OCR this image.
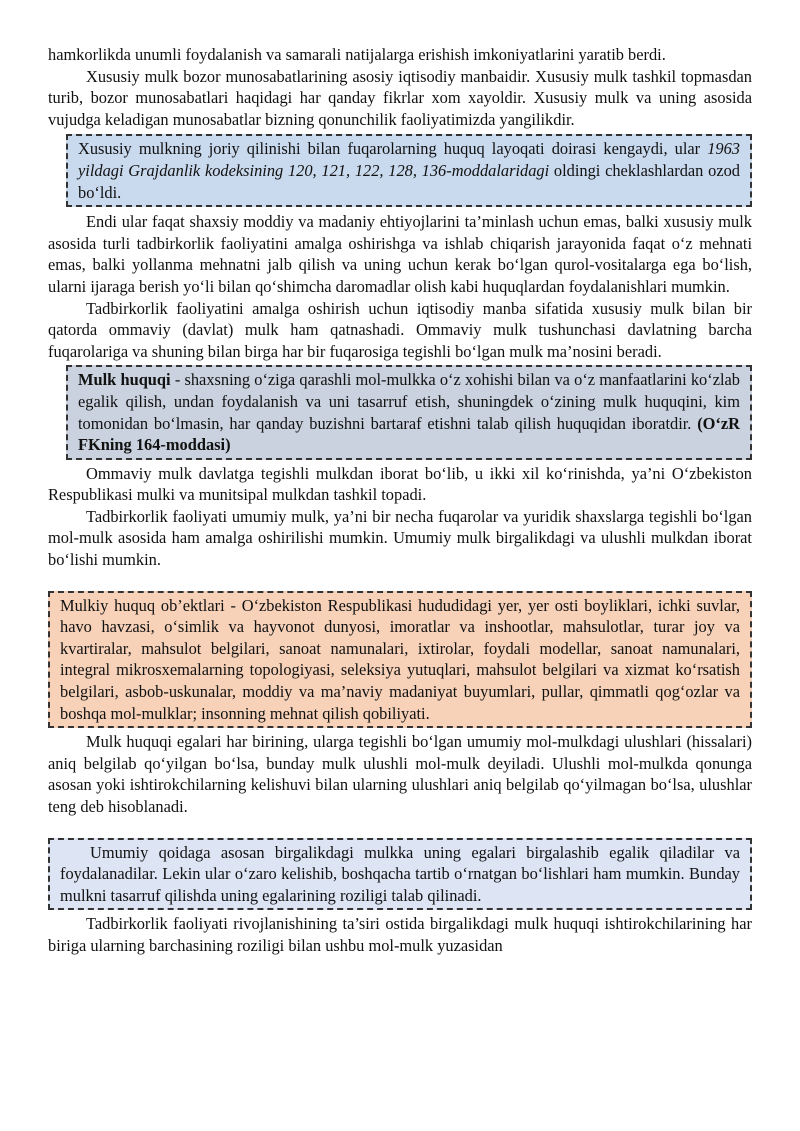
hamkorlikda unumli foydalanish va samarali natijalarga erishish imkoniyatlarini yaratib berdi.

Xususiy mulk bozor munosabatlarining asosiy iqtisodiy manbaidir. Xususiy mulk tashkil topmasdan turib, bozor munosabatlari haqidagi har qanday fikrlar xom xayoldir. Xususiy mulk va uning asosida vujudga keladigan munosabatlar bizning qonunchilik faoliyatimizda yangilikdir.

Xususiy mulkning joriy qilinishi bilan fuqarolarning huquq layoqati doirasi kengaydi, ular 1963 yildagi Grajdanlik kodeksining 120, 121, 122, 128, 136-moddalaridagi oldingi cheklashlardan ozod bo‘ldi.

Endi ular faqat shaxsiy moddiy va madaniy ehtiyojlarini ta’minlash uchun emas, balki xususiy mulk asosida turli tadbirkorlik faoliyatini amalga oshirishga va ishlab chiqarish jarayonida faqat o‘z mehnati emas, balki yollanma mehnatni jalb qilish va uning uchun kerak bo‘lgan qurol-vositalarga ega bo‘lish, ularni ijaraga berish yo‘li bilan qo‘shimcha daromadlar olish kabi huquqlardan foydalanishlari mumkin.

Tadbirkorlik faoliyatini amalga oshirish uchun iqtisodiy manba sifatida xususiy mulk bilan bir qatorda ommaviy (davlat) mulk ham qatnashadi. Ommaviy mulk tushunchasi davlatning barcha fuqarolariga va shuning bilan birga har bir fuqarosiga tegishli bo‘lgan mulk ma’nosini beradi.

Mulk huquqi - shaxsning o‘ziga qarashli mol-mulkka o‘z xohishi bilan va o‘z manfaatlarini ko‘zlab egalik qilish, undan foydalanish va uni tasarruf etish, shuningdek o‘zining mulk huquqini, kim tomonidan bo‘lmasin, har qanday buzishni bartaraf etishni talab qilish huquqidan iboratdir. (O‘zR FKning 164-moddasi)

Ommaviy mulk davlatga tegishli mulkdan iborat bo‘lib, u ikki xil ko‘rinishda, ya’ni O‘zbekiston Respublikasi mulki va munitsipal mulkdan tashkil topadi.

Tadbirkorlik faoliyati umumiy mulk, ya’ni bir necha fuqarolar va yuridik shaxslarga tegishli bo‘lgan mol-mulk asosida ham amalga oshirilishi mumkin. Umumiy mulk birgalikdagi va ulushli mulkdan iborat bo‘lishi mumkin.

Mulkiy huquq ob’ektlari - O‘zbekiston Respublikasi hududidagi yer, yer osti boyliklari, ichki suvlar, havo havzasi, o‘simlik va hayvonot dunyosi, imoratlar va inshootlar, mahsulotlar, turar joy va kvartiralar, mahsulot belgilari, sanoat namunalari, ixtirolar, foydali modellar, sanoat namunalari, integral mikrosxemalarning topologiyasi, seleksiya yutuqlari, mahsulot belgilari va xizmat ko‘rsatish belgilari, asbob-uskunalar, moddiy va ma’naviy madaniyat buyumlari, pullar, qimmatli qog‘ozlar va boshqa mol-mulklar; insonning mehnat qilish qobiliyati.

Mulk huquqi egalari har birining, ularga tegishli bo‘lgan umumiy mol-mulkdagi ulushlari (hissalari) aniq belgilab qo‘yilgan bo‘lsa, bunday mulk ulushli mol-mulk deyiladi. Ulushli mol-mulkda qonunga asosan yoki ishtirokchilarning kelishuvi bilan ularning ulushlari aniq belgilab qo‘yilmagan bo‘lsa, ulushlar teng deb hisoblanadi.

Umumiy qoidaga asosan birgalikdagi mulkka uning egalari birgalashib egalik qiladilar va foydalanadilar. Lekin ular o‘zaro kelishib, boshqacha tartib o‘rnatgan bo‘lishlari ham mumkin. Bunday mulkni tasarruf qilishda uning egalarining roziligi talab qilinadi.

Tadbirkorlik faoliyati rivojlanishining ta’siri ostida birgalikdagi mulk huquqi ishtirokchilarining har biriga ularning barchasining roziligi bilan ushbu mol-mulk yuzasidan
